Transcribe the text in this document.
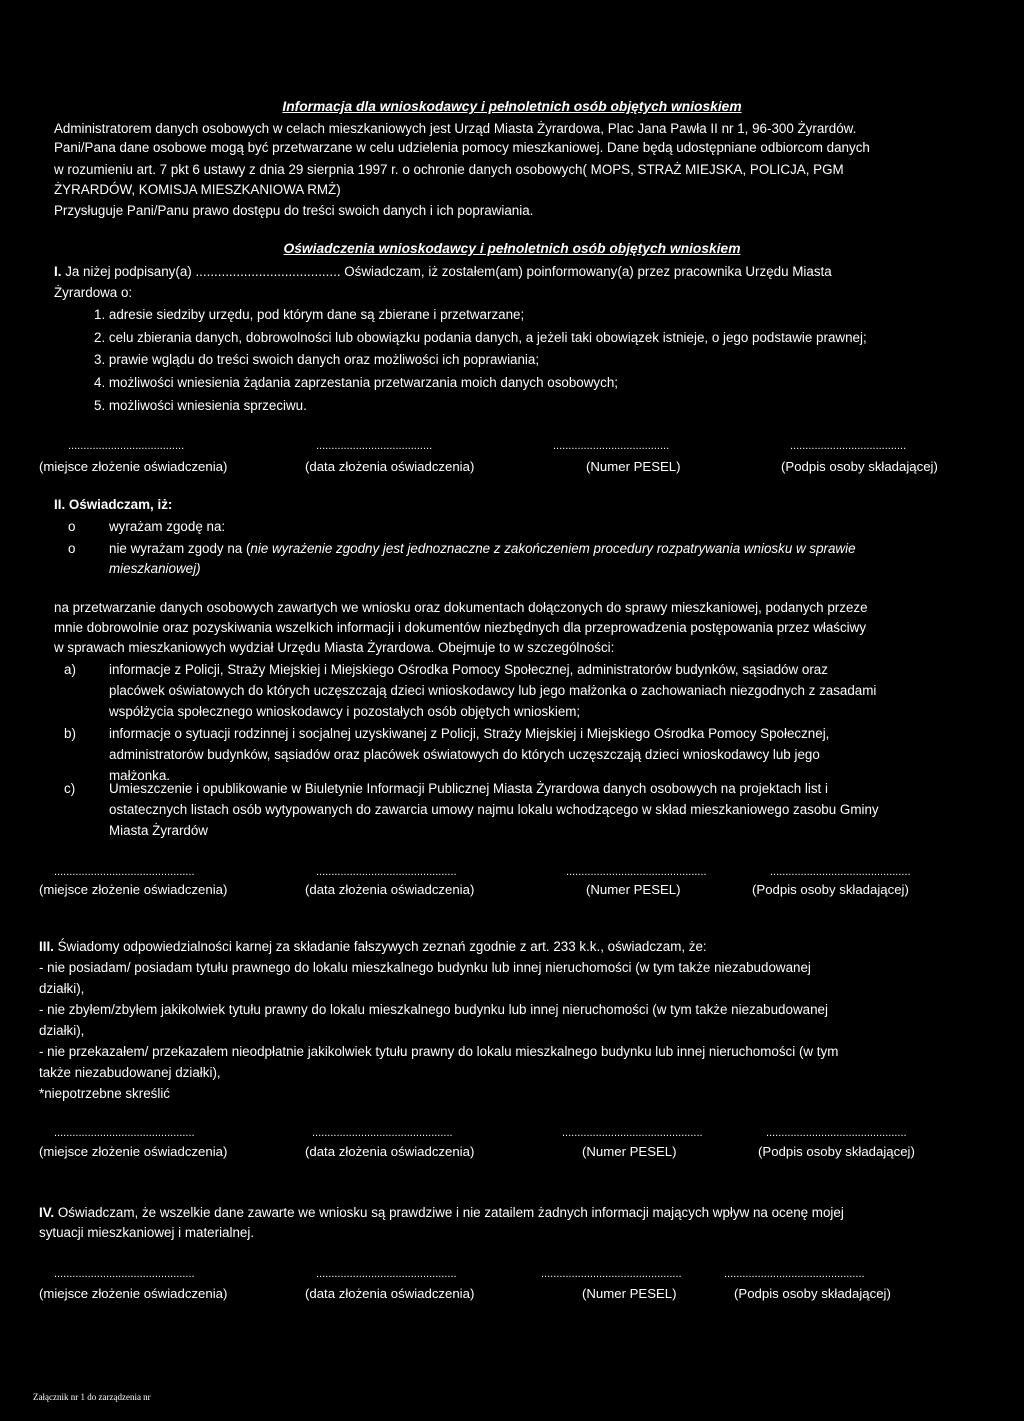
Informacja dla wnioskodawcy i pełnoletnich osób objętych wnioskiem
Administratorem danych osobowych w celach mieszkaniowych jest Urząd Miasta Żyrardowa, Plac Jana Pawła II nr 1, 96-300 Żyrardów.
Pani/Pana dane osobowe mogą być przetwarzane w celu udzielenia pomocy mieszkaniowej. Dane będą udostępniane odbiorcom danych
w rozumieniu art. 7 pkt 6 ustawy z dnia 29 sierpnia 1997 r. o ochronie danych osobowych( MOPS, STRAŻ MIEJSKA, POLICJA, PGM
ŻYRARDÓW, KOMISJA MIESZKANIOWA RMŻ)
Przysługuje Pani/Panu prawo dostępu do treści swoich danych i ich poprawiania.
Oświadczenia wnioskodawcy i pełnoletnich osób objętych wnioskiem
I. Ja niżej podpisany(a) ....................................... Oświadczam, iż zostałem(am) poinformowany(a) przez pracownika Urzędu Miasta
Żyrardowa o:
1. adresie siedziby urzędu, pod którym dane są zbierane i przetwarzane;
2. celu zbierania danych, dobrowolności lub obowiązku podania danych, a jeżeli taki obowiązek istnieje, o jego podstawie prawnej;
3. prawie wglądu do treści swoich danych oraz możliwości ich poprawiania;
4. możliwości wniesienia żądania zaprzestania przetwarzania moich danych osobowych;
5. możliwości wniesienia sprzeciwu.
......................................	......................................	......................................	......................................
(miejsce złożenie oświadczenia)	(data złożenia oświadczenia)	(Numer PESEL)	(Podpis osoby składającej)
II. Oświadczam, iż:
o	wyrażam zgodę na:
o	nie wyrażam zgody na (nie wyrażenie zgodny jest jednoznaczne z zakończeniem procedury rozpatrywania wniosku w sprawie
mieszkaniowej)
na przetwarzanie danych osobowych zawartych we wniosku oraz dokumentach dołączonych do sprawy mieszkaniowej, podanych przeze
mnie dobrowolnie oraz pozyskiwania wszelkich informacji i dokumentów niezbędnych dla przeprowadzenia postępowania przez właściwy
w sprawach mieszkaniowych wydział Urzędu Miasta Żyrardowa. Obejmuje to w szczególności:
a) informacje z Policji, Straży Miejskiej i Miejskiego Ośrodka Pomocy Społecznej, administratorów budynków, sąsiadów oraz
placówek oświatowych do których uczęszczają dzieci wnioskodawcy lub jego małżonka o zachowaniach niezgodnych z zasadami
współżycia społecznego wnioskodawcy i pozostałych osób objętych wnioskiem;
b) informacje o sytuacji rodzinnej i socjalnej uzyskiwanej z Policji, Straży Miejskiej i Miejskiego Ośrodka Pomocy Społecznej,
administratorów budynków, sąsiadów oraz placówek oświatowych do których uczęszczają dzieci wnioskodawcy lub jego
małżonka.
c)	Umieszczenie i opublikowanie w Biuletynie Informacji Publicznej Miasta Żyrardowa danych osobowych na projektach list i
ostatecznych listach osób wytypowanych do zawarcia umowy najmu lokalu wchodzącego w skład mieszkaniowego zasobu Gminy
Miasta Żyrardów
..............................................	..............................................	..............................................	..............................................
(miejsce złożenie oświadczenia)	(data złożenia oświadczenia)	(Numer PESEL)	(Podpis osoby składającej)
III. Świadomy odpowiedzialności karnej za składanie fałszywych zeznań zgodnie z art. 233 k.k., oświadczam, że:
- nie posiadam/ posiadam tytułu prawnego do lokalu mieszkalnego budynku lub innej nieruchomości (w tym także niezabudowanej
działki),
- nie zbyłem/zbyłem jakikolwiek tytułu prawny do lokalu mieszkalnego budynku lub innej nieruchomości (w tym także niezabudowanej
działki),
- nie przekazałem/ przekazałem nieodpłatnie jakikolwiek tytułu prawny do lokalu mieszkalnego budynku lub innej nieruchomości (w tym
także niezabudowanej działki),
*niepotrzebne skreślić
..............................................	..............................................	..............................................	..............................................
(miejsce złożenie oświadczenia)	(data złożenia oświadczenia)	(Numer PESEL)	(Podpis osoby składającej)
IV. Oświadczam, że wszelkie dane zawarte we wniosku są prawdziwe i nie zatailem żadnych informacji mających wpływ na ocenę mojej
sytuacji mieszkaniowej i materialnej.
..............................................	..............................................	..............................................	..............................................
(miejsce złożenie oświadczenia)	(data złożenia oświadczenia)	(Numer PESEL)	(Podpis osoby składającej)
Załącznik nr 1 do zarządzenia nr
